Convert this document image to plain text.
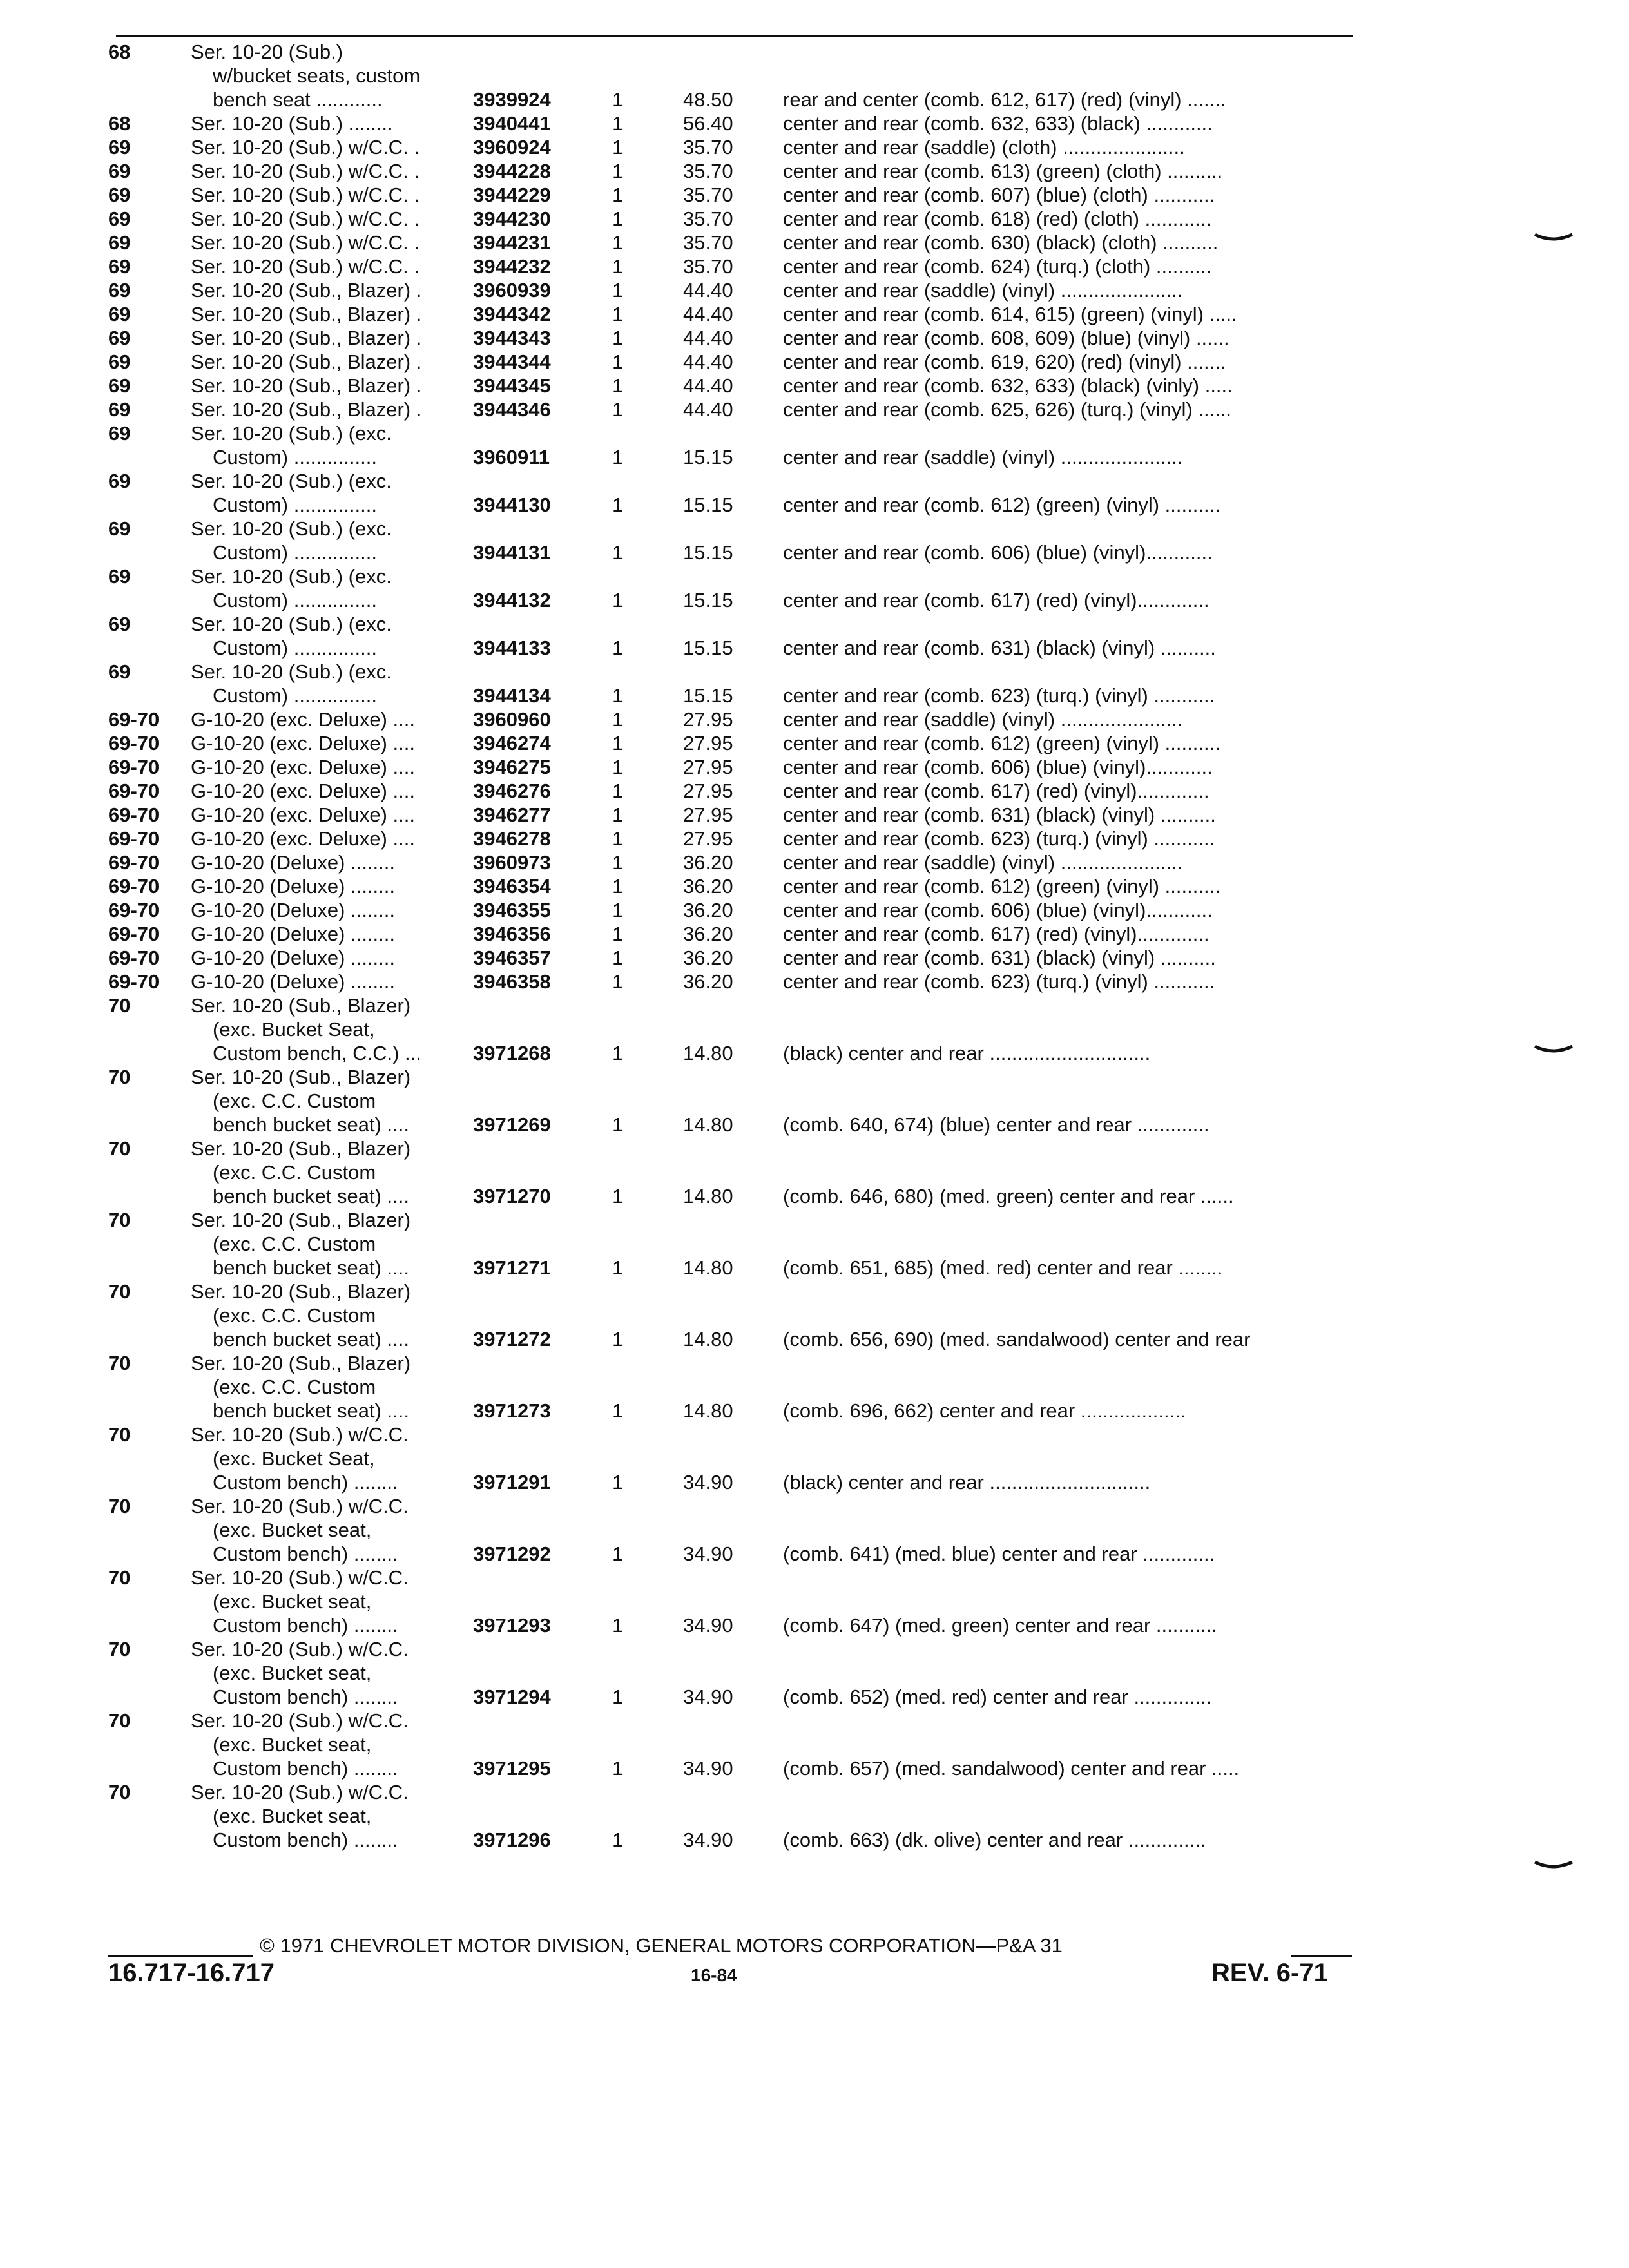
68	Ser. 10-20 (Sub.)
w/bucket seats, custom
bench seat ............	3939924	1	48.50	rear and center (comb. 612, 617) (red) (vinyl) .......
68	Ser. 10-20 (Sub.) ........	3940441	1	56.40	center and rear (comb. 632, 633) (black) ............
69	Ser. 10-20 (Sub.) w/C.C. .	3960924	1	35.70	center and rear (saddle) (cloth) ......................
69	Ser. 10-20 (Sub.) w/C.C. .	3944228	1	35.70	center and rear (comb. 613) (green) (cloth) ..........
69	Ser. 10-20 (Sub.) w/C.C. .	3944229	1	35.70	center and rear (comb. 607) (blue) (cloth) ...........
69	Ser. 10-20 (Sub.) w/C.C. .	3944230	1	35.70	center and rear (comb. 618) (red) (cloth) ............
69	Ser. 10-20 (Sub.) w/C.C. .	3944231	1	35.70	center and rear (comb. 630) (black) (cloth) ..........
69	Ser. 10-20 (Sub.) w/C.C. .	3944232	1	35.70	center and rear (comb. 624) (turq.) (cloth) ..........
69	Ser. 10-20 (Sub., Blazer) .	3960939	1	44.40	center and rear (saddle) (vinyl) ......................
69	Ser. 10-20 (Sub., Blazer) .	3944342	1	44.40	center and rear (comb. 614, 615) (green) (vinyl) .....
69	Ser. 10-20 (Sub., Blazer) .	3944343	1	44.40	center and rear (comb. 608, 609) (blue) (vinyl) ......
69	Ser. 10-20 (Sub., Blazer) .	3944344	1	44.40	center and rear (comb. 619, 620) (red) (vinyl) .......
69	Ser. 10-20 (Sub., Blazer) .	3944345	1	44.40	center and rear (comb. 632, 633) (black) (vinly) .....
69	Ser. 10-20 (Sub., Blazer) .	3944346	1	44.40	center and rear (comb. 625, 626) (turq.) (vinyl) ......
69	Ser. 10-20 (Sub.) (exc.
Custom) ...............	3960911	1	15.15	center and rear (saddle) (vinyl) ......................
69	Ser. 10-20 (Sub.) (exc.
Custom) ...............	3944130	1	15.15	center and rear (comb. 612) (green) (vinyl) ..........
69	Ser. 10-20 (Sub.) (exc.
Custom) ...............	3944131	1	15.15	center and rear (comb. 606) (blue) (vinyl)............
69	Ser. 10-20 (Sub.) (exc.
Custom) ...............	3944132	1	15.15	center and rear (comb. 617) (red) (vinyl).............
69	Ser. 10-20 (Sub.) (exc.
Custom) ...............	3944133	1	15.15	center and rear (comb. 631) (black) (vinyl) ..........
69	Ser. 10-20 (Sub.) (exc.
Custom) ...............	3944134	1	15.15	center and rear (comb. 623) (turq.) (vinyl) ...........
69-70	G-10-20 (exc. Deluxe) ....	3960960	1	27.95	center and rear (saddle) (vinyl) ......................
69-70	G-10-20 (exc. Deluxe) ....	3946274	1	27.95	center and rear (comb. 612) (green) (vinyl) ..........
69-70	G-10-20 (exc. Deluxe) ....	3946275	1	27.95	center and rear (comb. 606) (blue) (vinyl)............
69-70	G-10-20 (exc. Deluxe) ....	3946276	1	27.95	center and rear (comb. 617) (red) (vinyl).............
69-70	G-10-20 (exc. Deluxe) ....	3946277	1	27.95	center and rear (comb. 631) (black) (vinyl) ..........
69-70	G-10-20 (exc. Deluxe) ....	3946278	1	27.95	center and rear (comb. 623) (turq.) (vinyl) ...........
69-70	G-10-20 (Deluxe) ........	3960973	1	36.20	center and rear (saddle) (vinyl) ......................
69-70	G-10-20 (Deluxe) ........	3946354	1	36.20	center and rear (comb. 612) (green) (vinyl) ..........
69-70	G-10-20 (Deluxe) ........	3946355	1	36.20	center and rear (comb. 606) (blue) (vinyl)............
69-70	G-10-20 (Deluxe) ........	3946356	1	36.20	center and rear (comb. 617) (red) (vinyl).............
69-70	G-10-20 (Deluxe) ........	3946357	1	36.20	center and rear (comb. 631) (black) (vinyl) ..........
69-70	G-10-20 (Deluxe) ........	3946358	1	36.20	center and rear (comb. 623) (turq.) (vinyl) ...........
70	Ser. 10-20 (Sub., Blazer)
(exc. Bucket Seat,
Custom bench, C.C.) ...	3971268	1	14.80	(black) center and rear .............................
70	Ser. 10-20 (Sub., Blazer)
(exc. C.C. Custom
bench bucket seat) ....	3971269	1	14.80	(comb. 640, 674) (blue) center and rear .............
70	Ser. 10-20 (Sub., Blazer)
(exc. C.C. Custom
bench bucket seat) ....	3971270	1	14.80	(comb. 646, 680) (med. green) center and rear ......
70	Ser. 10-20 (Sub., Blazer)
(exc. C.C. Custom
bench bucket seat) ....	3971271	1	14.80	(comb. 651, 685) (med. red) center and rear ........
70	Ser. 10-20 (Sub., Blazer)
(exc. C.C. Custom
bench bucket seat) ....	3971272	1	14.80	(comb. 656, 690) (med. sandalwood) center and rear
70	Ser. 10-20 (Sub., Blazer)
(exc. C.C. Custom
bench bucket seat) ....	3971273	1	14.80	(comb. 696, 662) center and rear ...................
70	Ser. 10-20 (Sub.) w/C.C.
(exc. Bucket Seat,
Custom bench) ........	3971291	1	34.90	(black) center and rear .............................
70	Ser. 10-20 (Sub.) w/C.C.
(exc. Bucket seat,
Custom bench) ........	3971292	1	34.90	(comb. 641) (med. blue) center and rear .............
70	Ser. 10-20 (Sub.) w/C.C.
(exc. Bucket seat,
Custom bench) ........	3971293	1	34.90	(comb. 647) (med. green) center and rear ...........
70	Ser. 10-20 (Sub.) w/C.C.
(exc. Bucket seat,
Custom bench) ........	3971294	1	34.90	(comb. 652) (med. red) center and rear ..............
70	Ser. 10-20 (Sub.) w/C.C.
(exc. Bucket seat,
Custom bench) ........	3971295	1	34.90	(comb. 657) (med. sandalwood) center and rear .....
70	Ser. 10-20 (Sub.) w/C.C.
(exc. Bucket seat,
Custom bench) ........	3971296	1	34.90	(comb. 663) (dk. olive) center and rear ..............
© 1971 CHEVROLET MOTOR DIVISION, GENERAL MOTORS CORPORATION—P&A 31
16.717-16.717	16-84	REV. 6-71
